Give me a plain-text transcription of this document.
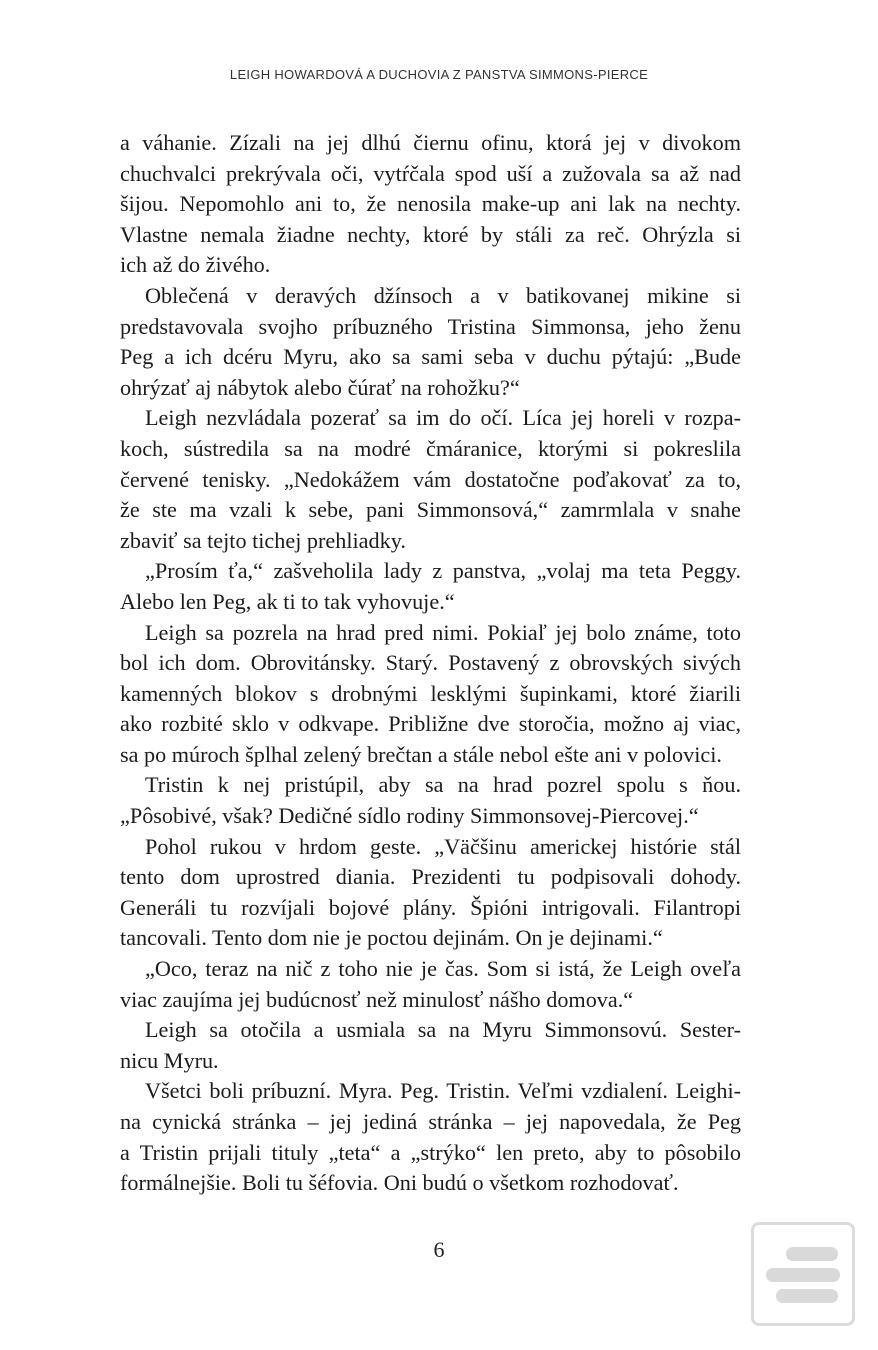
LEIGH HOWARDOVÁ A DUCHOVIA Z PANSTVA SIMMONS-PIERCE
a váhanie. Zízali na jej dlhú čiernu ofinu, ktorá jej v divokom
chuchvalci prekrývala oči, vytŕčala spod uší a zužovala sa až nad
šijou. Nepomohlo ani to, že nenosila make-up ani lak na nechty.
Vlastne nemala žiadne nechty, ktoré by stáli za reč. Ohrýzla si
ich až do živého.
Oblečená v deravých džínsoch a v batikovanej mikine si
predstavovala svojho príbuzného Tristina Simmonsa, jeho ženu
Peg a ich dcéru Myru, ako sa sami seba v duchu pýtajú: „Bude
ohrýzať aj nábytok alebo čúrať na rohožku?“
Leigh nezvládala pozerať sa im do očí. Líca jej horeli v rozpa-
koch, sústredila sa na modré čmáranice, ktorými si pokreslila
červené tenisky. „Nedokážem vám dostatočne poďakovať za to,
že ste ma vzali k sebe, pani Simmonsová,“ zamrmlala v snahe
zbaviť sa tejto tichej prehliadky.
„Prosím ťa,“ zašveholila lady z panstva, „volaj ma teta Peggy.
Alebo len Peg, ak ti to tak vyhovuje.“
Leigh sa pozrela na hrad pred nimi. Pokiaľ jej bolo známe, toto
bol ich dom. Obrovitánsky. Starý. Postavený z obrovských sivých
kamenných blokov s drobnými lesklými šupinkami, ktoré žiarili
ako rozbité sklo v odkvape. Približne dve storočia, možno aj viac,
sa po múroch šplhal zelený brečtan a stále nebol ešte ani v polovici.
Tristin k nej pristúpil, aby sa na hrad pozrel spolu s ňou.
„Pôsobivé, však? Dedičné sídlo rodiny Simmonsovej-Piercovej.“
Pohol rukou v hrdom geste. „Väčšinu americkej histórie stál
tento dom uprostred diania. Prezidenti tu podpisovali dohody.
Generáli tu rozvíjali bojové plány. Špióni intrigovali. Filantropi
tancovali. Tento dom nie je poctou dejinám. On je dejinami.“
„Oco, teraz na nič z toho nie je čas. Som si istá, že Leigh oveľa
viac zaujíma jej budúcnosť než minulosť nášho domova.“
Leigh sa otočila a usmiala sa na Myru Simmonsovú. Sester-
nicu Myru.
Všetci boli príbuzní. Myra. Peg. Tristin. Veľmi vzdialení. Leighi-
na cynická stránka – jej jediná stránka – jej napovedala, že Peg
a Tristin prijali tituly „teta“ a „strýko“ len preto, aby to pôsobilo
formálnejšie. Boli tu šéfovia. Oni budú o všetkom rozhodovať.
6
